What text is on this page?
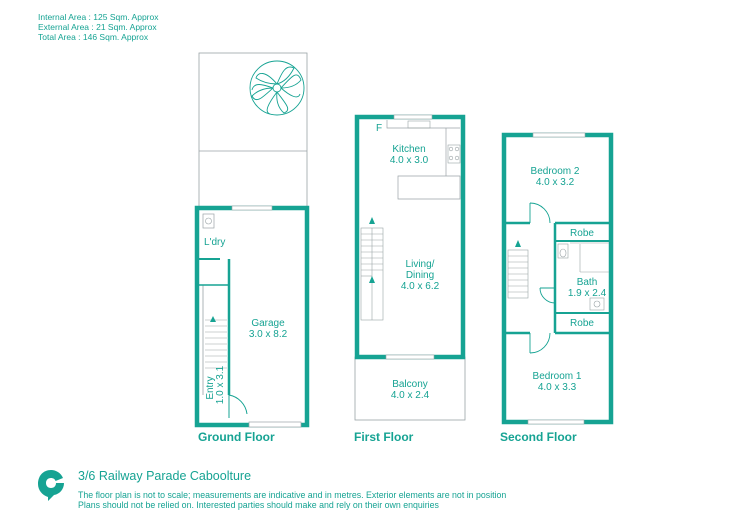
Internal Area : 125 Sqm. Approx
External Area : 21 Sqm. Approx
Total Area : 146 Sqm. Approx
L'dry
Garage
3.0 x 8.2
Entry 1.0 x 3.1
Ground Floor
F
Kitchen
4.0 x 3.0
Living/
Dining
4.0 x 6.2
Balcony
4.0 x 2.4
First Floor
Bedroom 2
4.0 x 3.2
Robe
Bath
1.9 x 2.4
Robe
Bedroom 1
4.0 x 3.3
Second Floor
3/6 Railway Parade Caboolture
The floor plan is not to scale; measurements are indicative and in metres. Exterior elements are not in position
Plans should not be relied on. Interested parties should make and rely on their own enquiries
